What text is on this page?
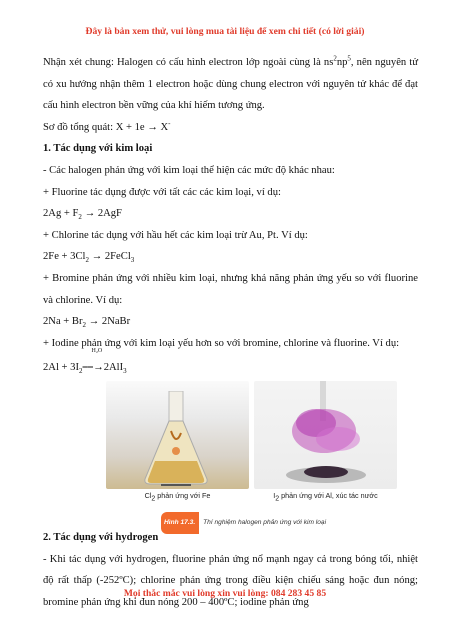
Đây là bản xem thử, vui lòng mua tài liệu để xem chi tiết (có lời giải)

Nhận xét chung: Halogen có cấu hình electron lớp ngoài cùng là $ns^2np^5$, nên nguyên tử có xu hướng nhận thêm 1 electron hoặc dùng chung electron với nguyên tử khác để đạt cấu hình electron bền vững của khí hiếm tương ứng.

Sơ đồ tổng quát: X + 1e → X-

1. Tác dụng với kim loại

- Các halogen phản ứng với kim loại thể hiện các mức độ khác nhau:

+ Fluorine tác dụng được với tất các các kim loại, ví dụ:

$2Ag + F_2 \to 2AgF$

+ Chlorine tác dụng với hầu hết các kim loại trừ Au, Pt. Ví dụ:

$2Fe + 3Cl_2$ → 2FeCl$_3$

+ Bromine phản ứng với nhiều kim loại, nhưng khả năng phản ứng yếu so với fluorine và chlorine. Ví dụ:

$2Na + Br_2$ → 2NaBr

+ Iodine phản ứng với kim loại yếu hơn so với bromine, chlorine và fluorine. Ví dụ:

$2Al + 3I_2$
H₂O
⎯⎯→2AlI$_3$

$Cl_2$ phản ứng với Fe	$I_2$ phản ứng với Al, xúc tác nước
Hình 17.3.	Thí nghiệm halogen phản ứng với kim loại

2. Tác dụng với hydrogen

- Khi tác dụng với hydrogen, fluorine phản ứng nổ mạnh ngay cả trong bóng tối, nhiệt độ rất thấp (-252ºC); chlorine phản ứng trong điều kiện chiếu sáng hoặc đun nóng; bromine phản ứng khi đun nóng 200 – 400ºC; iodine phản ứng

Mọi thắc mắc vui lòng xin vui lòng: 084 283 45 85
